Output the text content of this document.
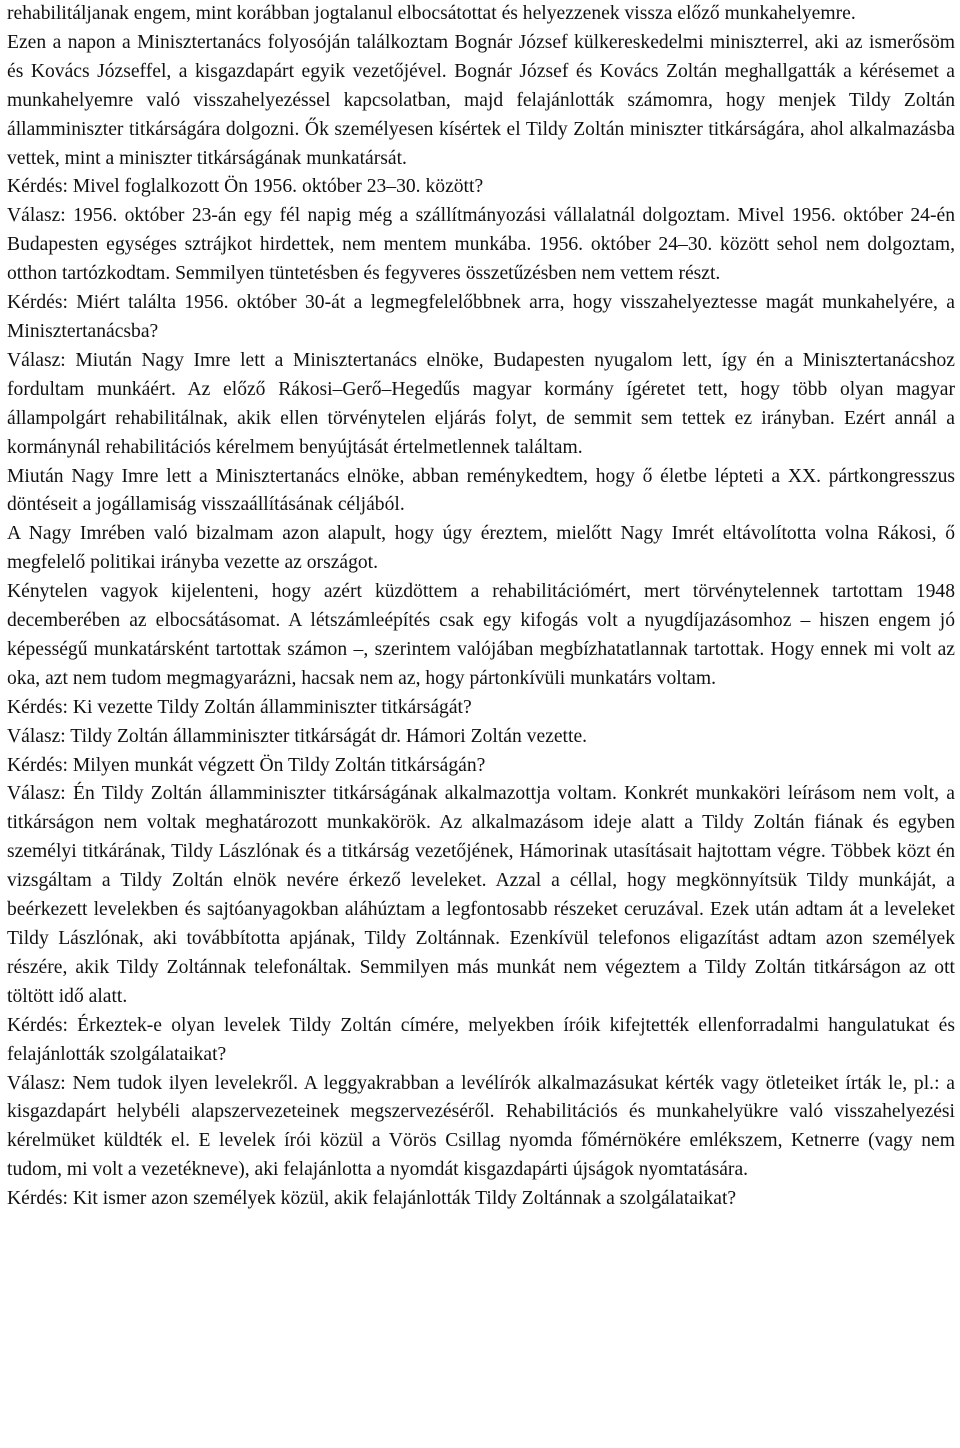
rehabilitáljanak engem, mint korábban jogtalanul elbocsátottat és helyezzenek vissza előző munkahelyemre.

Ezen a napon a Minisztertanács folyosóján találkoztam Bognár József külkereskedelmi miniszterrel, aki az ismerősöm és Kovács Józseffel, a kisgazdapárt egyik vezetőjével. Bognár József és Kovács Zoltán meghallgatták a kérésemet a munkahelyemre való visszahelyezéssel kapcsolatban, majd felajánlották számomra, hogy menjek Tildy Zoltán államminiszter titkárságára dolgozni. Ők személyesen kísértek el Tildy Zoltán miniszter titkárságára, ahol alkalmazásba vettek, mint a miniszter titkárságának munkatársát.

Kérdés: Mivel foglalkozott Ön 1956. október 23–30. között?

Válasz: 1956. október 23-án egy fél napig még a szállítmányozási vállalatnál dolgoztam. Mivel 1956. október 24-én Budapesten egységes sztrájkot hirdettek, nem mentem munkába. 1956. október 24–30. között sehol nem dolgoztam, otthon tartózkodtam. Semmilyen tüntetésben és fegyveres összetűzésben nem vettem részt.

Kérdés: Miért találta 1956. október 30-át a legmegfelelőbbnek arra, hogy visszahelyeztesse magát munkahelyére, a Minisztertanácsba?

Válasz: Miután Nagy Imre lett a Minisztertanács elnöke, Budapesten nyugalom lett, így én a Minisztertanácshoz fordultam munkáért. Az előző Rákosi–Gerő–Hegedűs magyar kormány ígéretet tett, hogy több olyan magyar állampolgárt rehabilitálnak, akik ellen törvénytelen eljárás folyt, de semmit sem tettek ez irányban. Ezért annál a kormánynál rehabilitációs kérelmem benyújtását értelmetlennek találtam.

Miután Nagy Imre lett a Minisztertanács elnöke, abban reménykedtem, hogy ő életbe lépteti a XX. pártkongresszus döntéseit a jogállamiság visszaállításának céljából.

A Nagy Imrében való bizalmam azon alapult, hogy úgy éreztem, mielőtt Nagy Imrét eltávolította volna Rákosi, ő megfelelő politikai irányba vezette az országot.

Kénytelen vagyok kijelenteni, hogy azért küzdöttem a rehabilitációmért, mert törvénytelennek tartottam 1948 decemberében az elbocsátásomat. A létszámleépítés csak egy kifogás volt a nyugdíjazásomhoz – hiszen engem jó képességű munkatársként tartottak számon –, szerintem valójában megbízhatatlannak tartottak. Hogy ennek mi volt az oka, azt nem tudom megmagyarázni, hacsak nem az, hogy pártonkívüli munkatárs voltam.

Kérdés: Ki vezette Tildy Zoltán államminiszter titkárságát?

Válasz: Tildy Zoltán államminiszter titkárságát dr. Hámori Zoltán vezette.

Kérdés: Milyen munkát végzett Ön Tildy Zoltán titkárságán?

Válasz: Én Tildy Zoltán államminiszter titkárságának alkalmazottja voltam. Konkrét munkaköri leírásom nem volt, a titkárságon nem voltak meghatározott munkakörök. Az alkalmazásom ideje alatt a Tildy Zoltán fiának és egyben személyi titkárának, Tildy Lászlónak és a titkárság vezetőjének, Hámorinak utasításait hajtottam végre. Többek közt én vizsgáltam a Tildy Zoltán elnök nevére érkező leveleket. Azzal a céllal, hogy megkönnyítsük Tildy munkáját, a beérkezett levelekben és sajtóanyagokban aláhúztam a legfontosabb részeket ceruzával. Ezek után adtam át a leveleket Tildy Lászlónak, aki továbbította apjának, Tildy Zoltánnak. Ezenkívül telefonos eligazítást adtam azon személyek részére, akik Tildy Zoltánnak telefonáltak. Semmilyen más munkát nem végeztem a Tildy Zoltán titkárságon az ott töltött idő alatt.

Kérdés: Érkeztek-e olyan levelek Tildy Zoltán címére, melyekben íróik kifejtették ellenforradalmi hangulatukat és felajánlották szolgálataikat?

Válasz: Nem tudok ilyen levelekről. A leggyakrabban a levélírók alkalmazásukat kérték vagy ötleteiket írták le, pl.: a kisgazdapárt helybéli alapszervezeteinek megszervezéséről. Rehabilitációs és munkahelyükre való visszahelyezési kérelmüket küldték el. E levelek írói közül a Vörös Csillag nyomda főmérnökére emlékszem, Ketnerre (vagy nem tudom, mi volt a vezetékneve), aki felajánlotta a nyomdát kisgazdapárti újságok nyomtatására.

Kérdés: Kit ismer azon személyek közül, akik felajánlották Tildy Zoltánnak a szolgálataikat?
